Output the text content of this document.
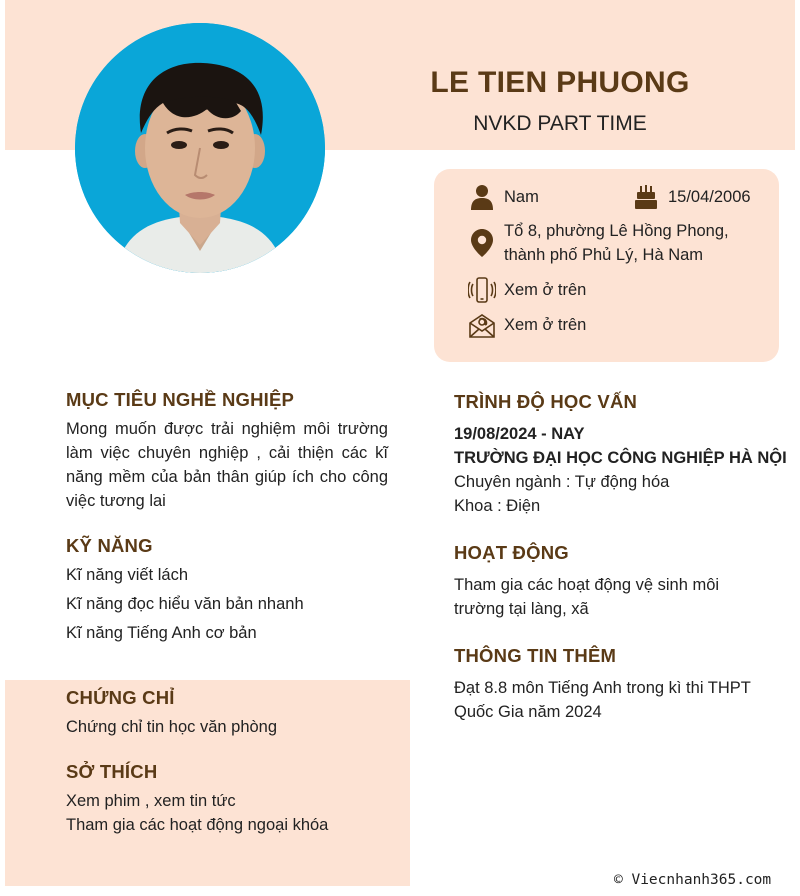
LE TIEN PHUONG
NVKD PART TIME
Nam	15/04/2006
Tổ 8, phường Lê Hồng Phong,
thành phố Phủ Lý, Hà Nam
Xem ở trên
Xem ở trên
MỤC TIÊU NGHỀ NGHIỆP
Mong muốn được trải nghiệm môi trường làm việc chuyên nghiệp , cải thiện các kĩ năng mềm của bản thân giúp ích cho công việc tương lai
KỸ NĂNG
Kĩ năng viết lách
Kĩ năng đọc hiểu văn bản nhanh
Kĩ năng Tiếng Anh cơ bản
CHỨNG CHỈ
Chứng chỉ tin học văn phòng
SỞ THÍCH
Xem phim , xem tin tức
Tham gia các hoạt động ngoại khóa
TRÌNH ĐỘ HỌC VẤN
19/08/2024 - NAY
TRƯỜNG ĐẠI HỌC CÔNG NGHIỆP HÀ NỘI
Chuyên ngành : Tự động hóa
Khoa : Điện
HOẠT ĐỘNG
Tham gia các hoạt động vệ sinh môi trường tại làng, xã
THÔNG TIN THÊM
Đạt 8.8 môn Tiếng Anh trong kì thi THPT Quốc Gia năm 2024
© Viecnhanh365.com
